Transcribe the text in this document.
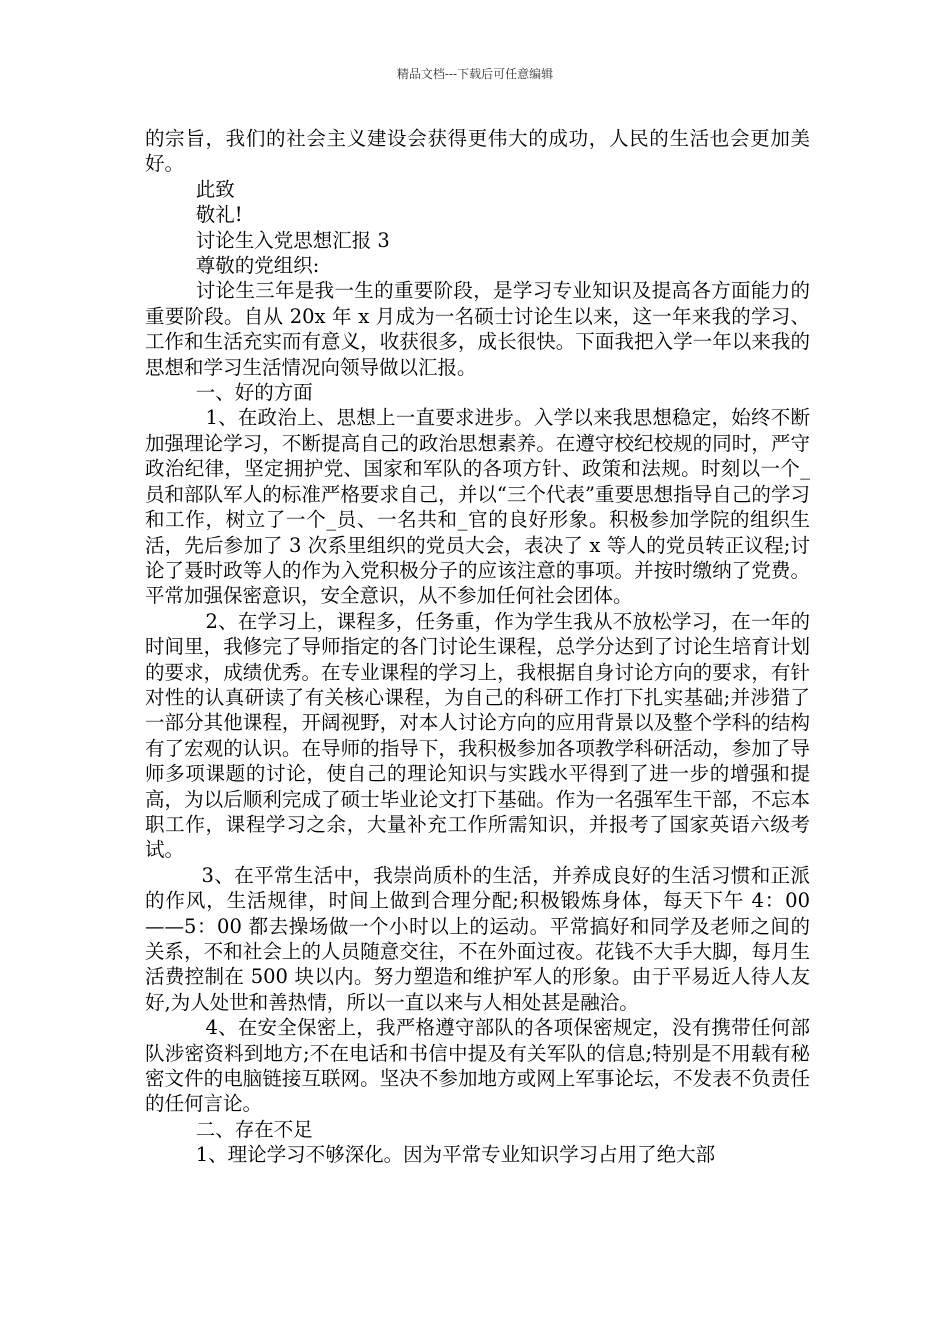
精品文档---下载后可任意编辑

的宗旨，我们的社会主义建设会获得更伟大的成功，人民的生活也会更加美好。

此致

敬礼!

讨论生入党思想汇报 3

尊敬的党组织:

讨论生三年是我一生的重要阶段，是学习专业知识及提高各方面能力的重要阶段。自从 20x 年 x 月成为一名硕士讨论生以来，这一年来我的学习、工作和生活充实而有意义，收获很多，成长很快。下面我把入学一年以来我的思想和学习生活情况向领导做以汇报。

一、好的方面

1、在政治上、思想上一直要求进步。入学以来我思想稳定，始终不断加强理论学习，不断提高自己的政治思想素养。在遵守校纪校规的同时，严守政治纪律，坚定拥护党、国家和军队的各项方针、政策和法规。时刻以一个_员和部队军人的标准严格要求自己，并以“三个代表”重要思想指导自己的学习和工作，树立了一个_员、一名共和_官的良好形象。积极参加学院的组织生活，先后参加了 3 次系里组织的党员大会，表决了 x 等人的党员转正议程;讨论了聂时政等人的作为入党积极分子的应该注意的事项。并按时缴纳了党费。平常加强保密意识，安全意识，从不参加任何社会团体。

2、在学习上，课程多，任务重，作为学生我从不放松学习，在一年的时间里，我修完了导师指定的各门讨论生课程，总学分达到了讨论生培育计划的要求，成绩优秀。在专业课程的学习上，我根据自身讨论方向的要求，有针对性的认真研读了有关核心课程，为自己的科研工作打下扎实基础;并涉猎了一部分其他课程，开阔视野，对本人讨论方向的应用背景以及整个学科的结构有了宏观的认识。在导师的指导下，我积极参加各项教学科研活动，参加了导师多项课题的讨论，使自己的理论知识与实践水平得到了进一步的增强和提高，为以后顺利完成了硕士毕业论文打下基础。作为一名强军生干部，不忘本职工作，课程学习之余，大量补充工作所需知识，并报考了国家英语六级考试。

3、在平常生活中，我崇尚质朴的生活，并养成良好的生活习惯和正派的作风，生活规律，时间上做到合理分配;积极锻炼身体，每天下午 4：00——5：00 都去操场做一个小时以上的运动。平常搞好和同学及老师之间的关系，不和社会上的人员随意交往，不在外面过夜。花钱不大手大脚，每月生活费控制在 500 块以内。努力塑造和维护军人的形象。由于平易近人待人友好,为人处世和善热情，所以一直以来与人相处甚是融洽。

4、在安全保密上，我严格遵守部队的各项保密规定，没有携带任何部队涉密资料到地方;不在电话和书信中提及有关军队的信息;特别是不用载有秘密文件的电脑链接互联网。坚决不参加地方或网上军事论坛，不发表不负责任的任何言论。

二、存在不足

1、理论学习不够深化。因为平常专业知识学习占用了绝大部
